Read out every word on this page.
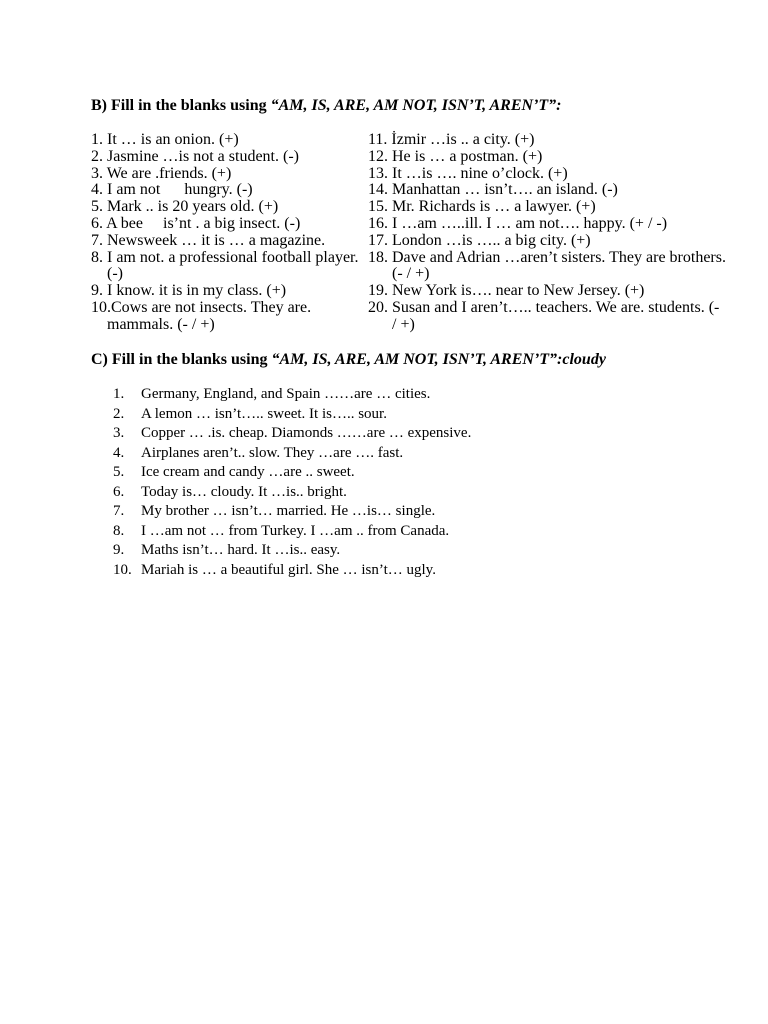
B) Fill in the blanks using “AM, IS, ARE, AM NOT, ISN’T, AREN’T”:

1. It … is an onion. (+)

2. Jasmine …is not a student. (-)

3. We are .friends. (+)

4. I am not      hungry. (-)

5. Mark .. is 20 years old. (+)

6. A bee     is’nt . a big insect. (-)

7. Newsweek … it is … a magazine.

8. I am not. a professional football player. (-)

9. I know. it is in my class. (+)

10.Cows are not insects. They are. mammals. (- / +)

11. İzmir …is .. a city. (+)

12. He is … a postman. (+)

13. It …is …. nine o’clock. (+)

14. Manhattan … isn’t…. an island. (-)

15. Mr. Richards is … a lawyer. (+)

16. I …am …..ill. I … am not…. happy. (+ / -)

17. London …is ….. a big city. (+)

18. Dave and Adrian …aren’t sisters. They are brothers. (- / +)

19. New York is…. near to New Jersey. (+)

20. Susan and I aren’t….. teachers. We are. students. (- / +)

C) Fill in the blanks using “AM, IS, ARE, AM NOT, ISN’T, AREN’T”:cloudy
1.	Germany, England, and Spain ……are … cities.
2.	A lemon … isn’t….. sweet. It is….. sour.
3.	Copper … .is. cheap. Diamonds ……are … expensive.
4.	Airplanes aren’t.. slow. They …are …. fast.
5.	Ice cream and candy …are .. sweet.
6.	Today is… cloudy. It …is.. bright.
7.	My brother … isn’t… married. He …is… single.
8.	I …am not … from Turkey. I …am .. from Canada.
9.	Maths isn’t… hard. It …is.. easy.
10. Mariah is … a beautiful girl. She … isn’t… ugly.
